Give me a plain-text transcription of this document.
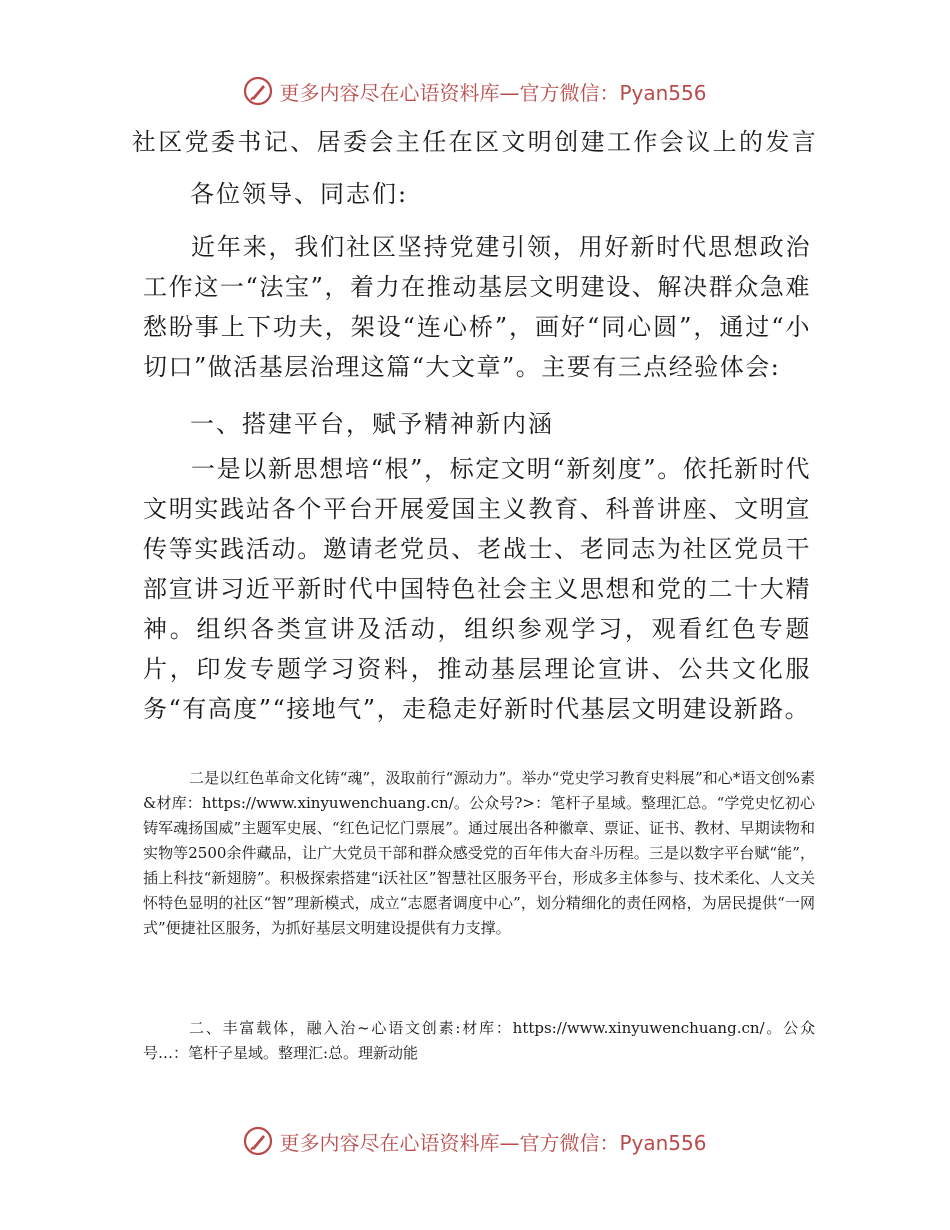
更多内容尽在心语资料库—官方微信：Pyan556
社区党委书记、居委会主任在区文明创建工作会议上的发言
各位领导、同志们:

近年来，我们社区坚持党建引领，用好新时代思想政治工作这一“法宝”，着力在推动基层文明建设、解决群众急难愁盼事上下功夫，架设“连心桥”，画好“同心圆”，通过“小切口”做活基层治理这篇“大文章”。主要有三点经验体会:

一、搭建平台，赋予精神新内涵

一是以新思想培“根”，标定文明“新刻度”。依托新时代文明实践站各个平台开展爱国主义教育、科普讲座、文明宣传等实践活动。邀请老党员、老战士、老同志为社区党员干部宣讲习近平新时代中国特色社会主义思想和党的二十大精神。组织各类宣讲及活动，组织参观学习，观看红色专题片，印发专题学习资料，推动基层理论宣讲、公共文化服务“有高度”“接地气”，走稳走好新时代基层文明建设新路。

二是以红色革命文化铸“魂”，汲取前行“源动力”。举办“党史学习教育史料展”和心*语文创%素&材库：https://www.xinyuwenchuang.cn/。公众号?>：笔杆子星域。整理汇总。“学党史忆初心铸军魂扬国威”主题军史展、“红色记忆门票展”。通过展出各种徽章、票证、证书、教材、早期读物和实物等2500余件藏品，让广大党员干部和群众感受党的百年伟大奋斗历程。三是以数字平台赋“能”，插上科技“新翅膀”。积极探索搭建“i沃社区”智慧社区服务平台，形成多主体参与、技术柔化、人文关怀特色显明的社区“智”理新模式，成立“志愿者调度中心”，划分精细化的责任网格，为居民提供“一网式”便捷社区服务，为抓好基层文明建设提供有力支撑。

二、丰富载体，融入治~心语文创素:材库：https://www.xinyuwenchuang.cn/。公众号…：笔杆子星域。整理汇:总。理新动能

更多内容尽在心语资料库—官方微信：Pyan556
